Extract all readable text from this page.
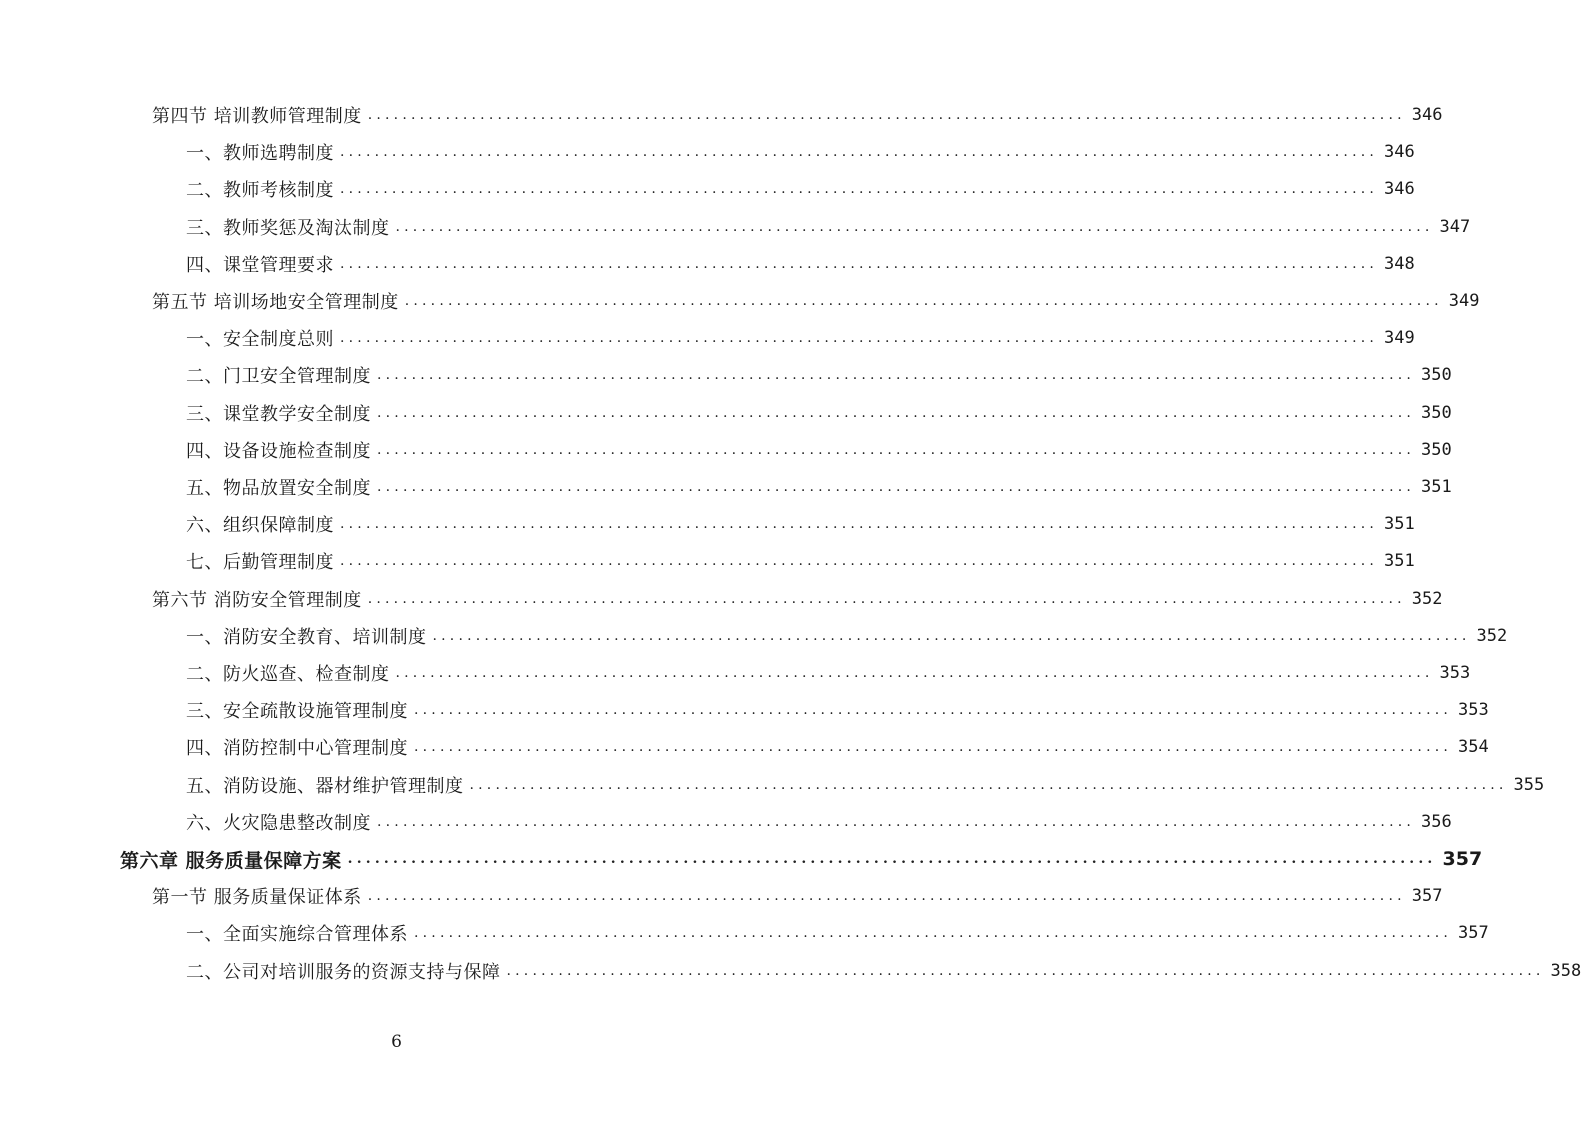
第四节 培训教师管理制度 ........................................................................................................................ 346
一、教师选聘制度 ........................................................................................................................ 346
二、教师考核制度 ........................................................................................................................ 346
三、教师奖惩及淘汰制度 ........................................................................................................................ 347
四、课堂管理要求 ........................................................................................................................ 348
第五节 培训场地安全管理制度 ........................................................................................................................ 349
一、安全制度总则 ........................................................................................................................ 349
二、门卫安全管理制度 ........................................................................................................................ 350
三、课堂教学安全制度 ........................................................................................................................ 350
四、设备设施检查制度 ........................................................................................................................ 350
五、物品放置安全制度 ........................................................................................................................ 351
六、组织保障制度 ........................................................................................................................ 351
七、后勤管理制度 ........................................................................................................................ 351
第六节 消防安全管理制度 ........................................................................................................................ 352
一、消防安全教育、培训制度 ........................................................................................................................ 352
二、防火巡查、检查制度 ........................................................................................................................ 353
三、安全疏散设施管理制度 ........................................................................................................................ 353
四、消防控制中心管理制度 ........................................................................................................................ 354
五、消防设施、器材维护管理制度 ........................................................................................................................ 355
六、火灾隐患整改制度 ........................................................................................................................ 356
第六章 服务质量保障方案 ........................................................................................................................ 357
第一节 服务质量保证体系 ........................................................................................................................ 357
一、全面实施综合管理体系 ........................................................................................................................ 357
二、公司对培训服务的资源支持与保障 ........................................................................................................................ 358
6
